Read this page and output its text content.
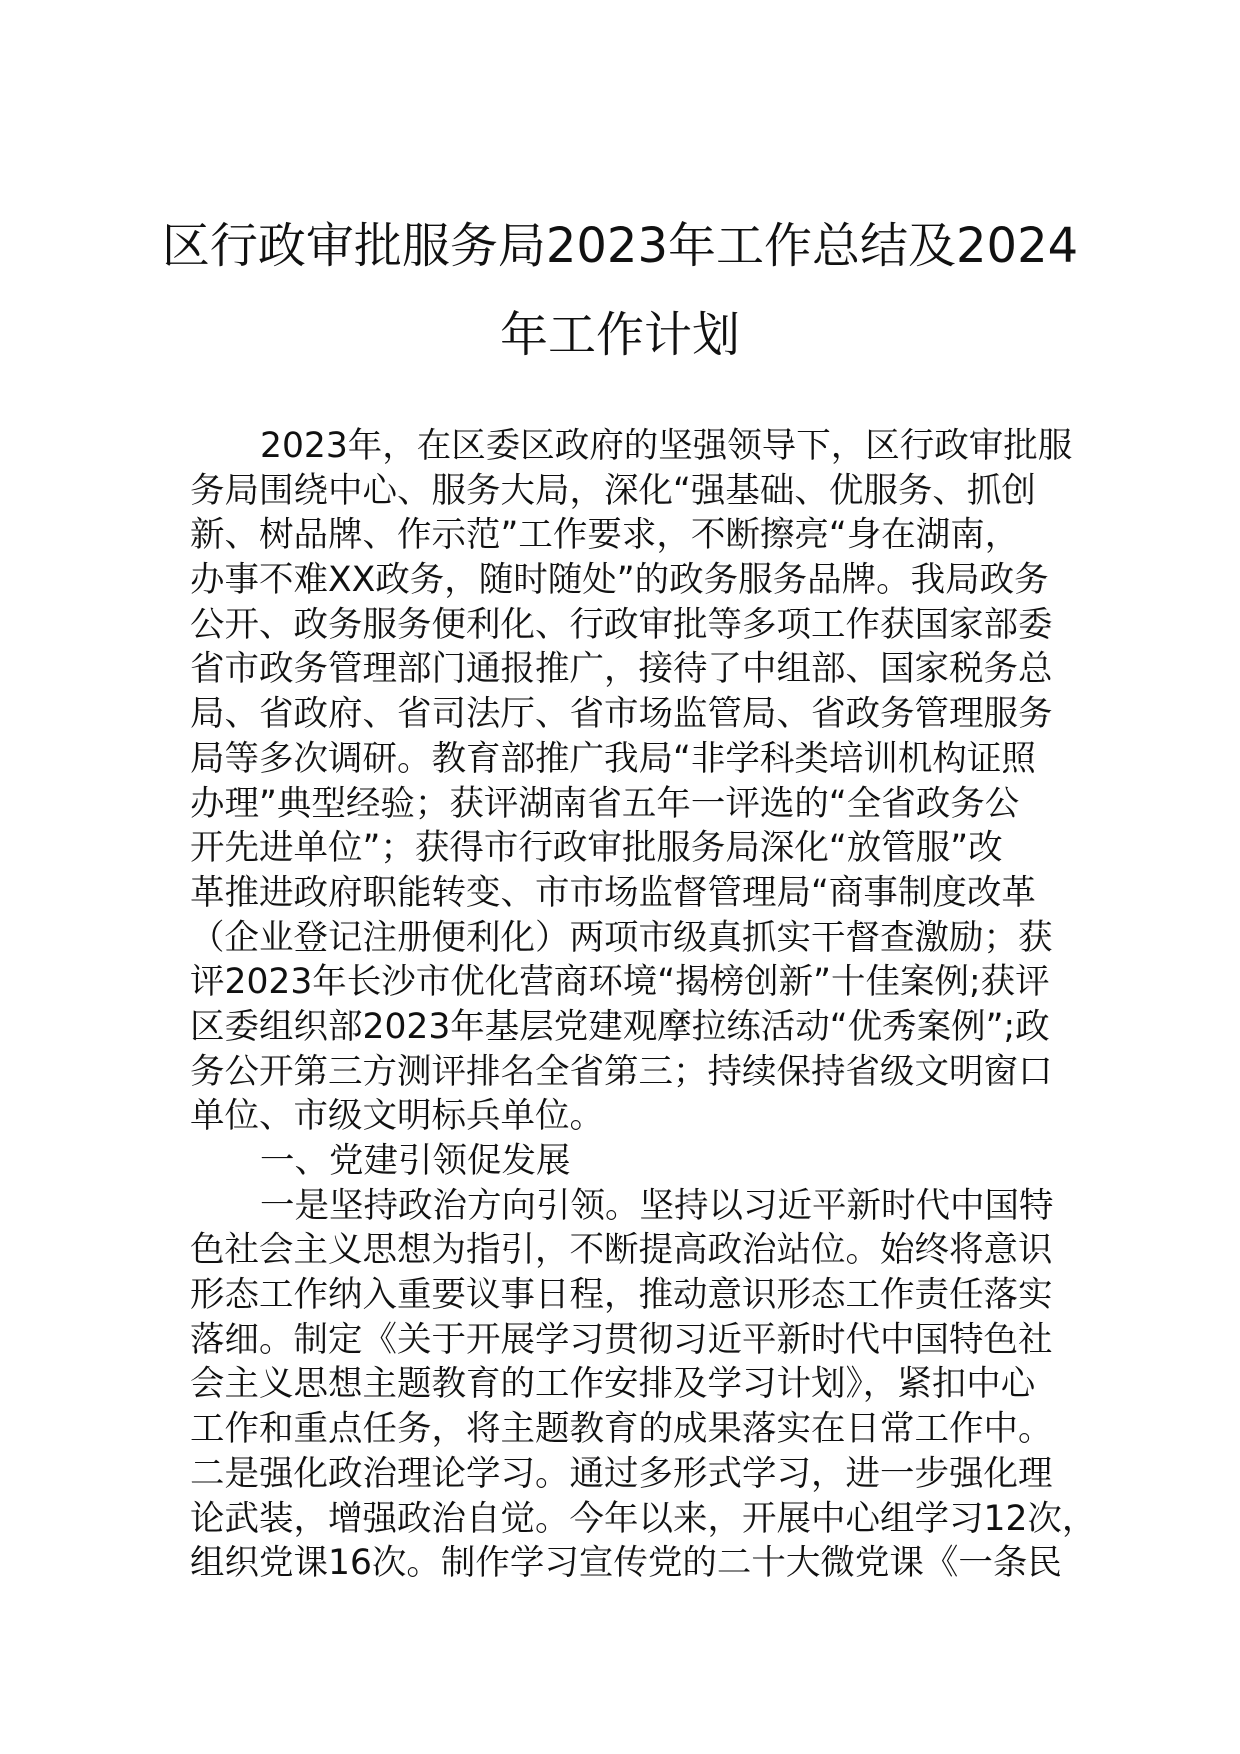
区行政审批服务局2023年工作总结及2024
年工作计划
2023年，在区委区政府的坚强领导下，区行政审批服
务局围绕中心、服务大局，深化“强基础、优服务、抓创
新、树品牌、作示范”工作要求，不断擦亮“身在湖南，
办事不难XX政务，随时随处”的政务服务品牌。我局政务
公开、政务服务便利化、行政审批等多项工作获国家部委
省市政务管理部门通报推广，接待了中组部、国家税务总
局、省政府、省司法厅、省市场监管局、省政务管理服务
局等多次调研。教育部推广我局“非学科类培训机构证照
办理”典型经验；获评湖南省五年一评选的“全省政务公
开先进单位”；获得市行政审批服务局深化“放管服”改
革推进政府职能转变、市市场监督管理局“商事制度改革
（企业登记注册便利化）两项市级真抓实干督查激励；获
评2023年长沙市优化营商环境“揭榜创新”十佳案例;获评
区委组织部2023年基层党建观摩拉练活动“优秀案例”;政
务公开第三方测评排名全省第三；持续保持省级文明窗口
单位、市级文明标兵单位。
一、党建引领促发展
一是坚持政治方向引领。坚持以习近平新时代中国特
色社会主义思想为指引，不断提高政治站位。始终将意识
形态工作纳入重要议事日程，推动意识形态工作责任落实
落细。制定《关于开展学习贯彻习近平新时代中国特色社
会主义思想主题教育的工作安排及学习计划》，紧扣中心
工作和重点任务，将主题教育的成果落实在日常工作中。
二是强化政治理论学习。通过多形式学习，进一步强化理
论武装，增强政治自觉。今年以来，开展中心组学习12次，
组织党课16次。制作学习宣传党的二十大微党课《一条民
